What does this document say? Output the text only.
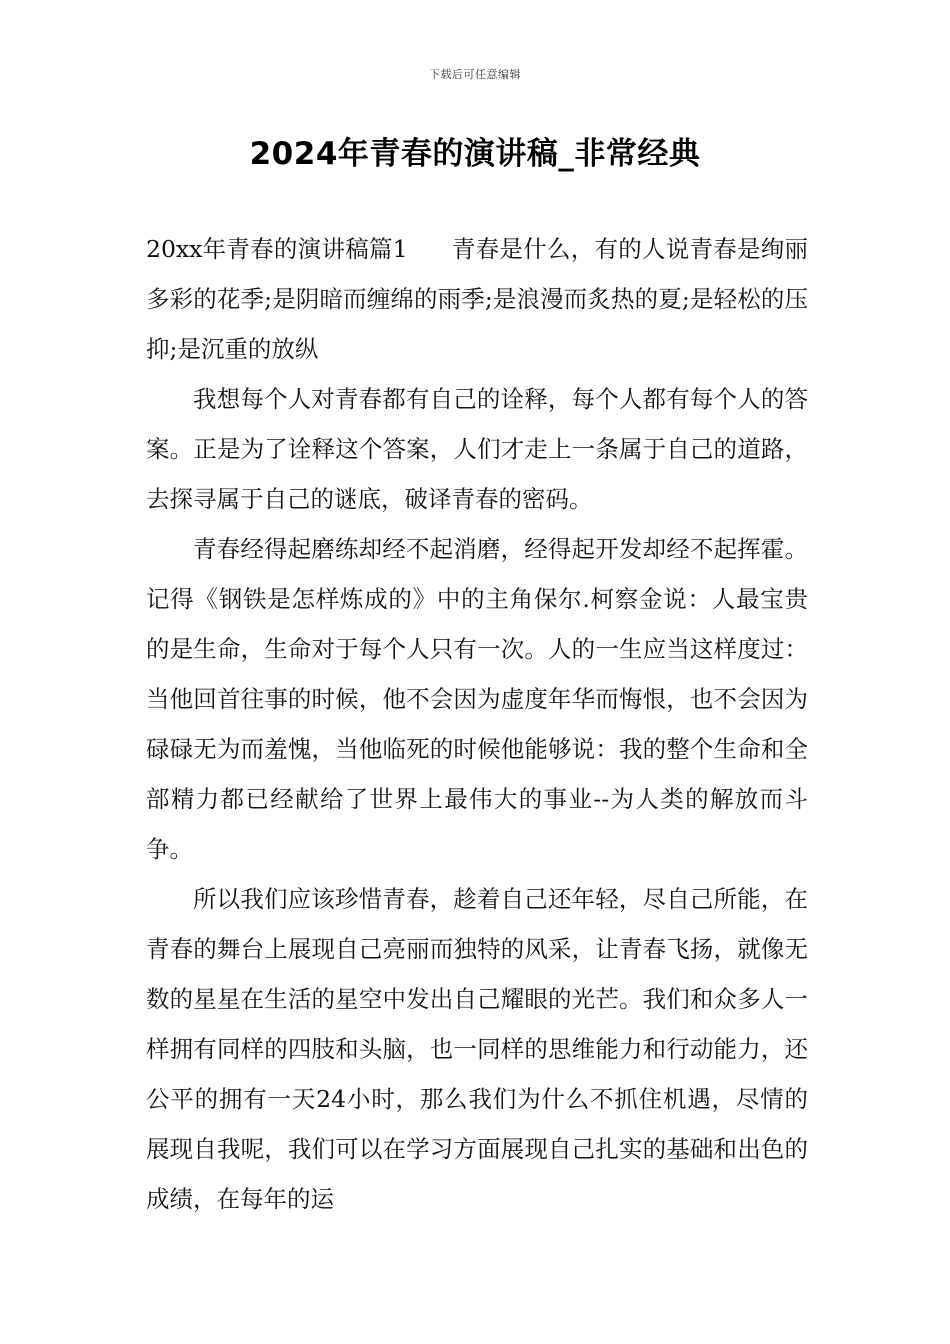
下载后可任意编辑
2024年青春的演讲稿_非常经典

20xx年青春的演讲稿篇1 青春是什么，有的人说青春是绚丽多彩的花季;是阴暗而缠绵的雨季;是浪漫而炙热的夏;是轻松的压抑;是沉重的放纵

我想每个人对青春都有自己的诠释，每个人都有每个人的答案。正是为了诠释这个答案，人们才走上一条属于自己的道路，去探寻属于自己的谜底，破译青春的密码。

青春经得起磨练却经不起消磨，经得起开发却经不起挥霍。记得《钢铁是怎样炼成的》中的主角保尔.柯察金说：人最宝贵的是生命，生命对于每个人只有一次。人的一生应当这样度过：当他回首往事的时候，他不会因为虚度年华而悔恨，也不会因为碌碌无为而羞愧，当他临死的时候他能够说：我的整个生命和全部精力都已经献给了世界上最伟大的事业--为人类的解放而斗争。

所以我们应该珍惜青春，趁着自己还年轻，尽自己所能，在青春的舞台上展现自己亮丽而独特的风采，让青春飞扬，就像无数的星星在生活的星空中发出自己耀眼的光芒。我们和众多人一样拥有同样的四肢和头脑，也一同样的思维能力和行动能力，还公平的拥有一天24小时，那么我们为什么不抓住机遇，尽情的展现自我呢，我们可以在学习方面展现自己扎实的基础和出色的成绩，在每年的运
